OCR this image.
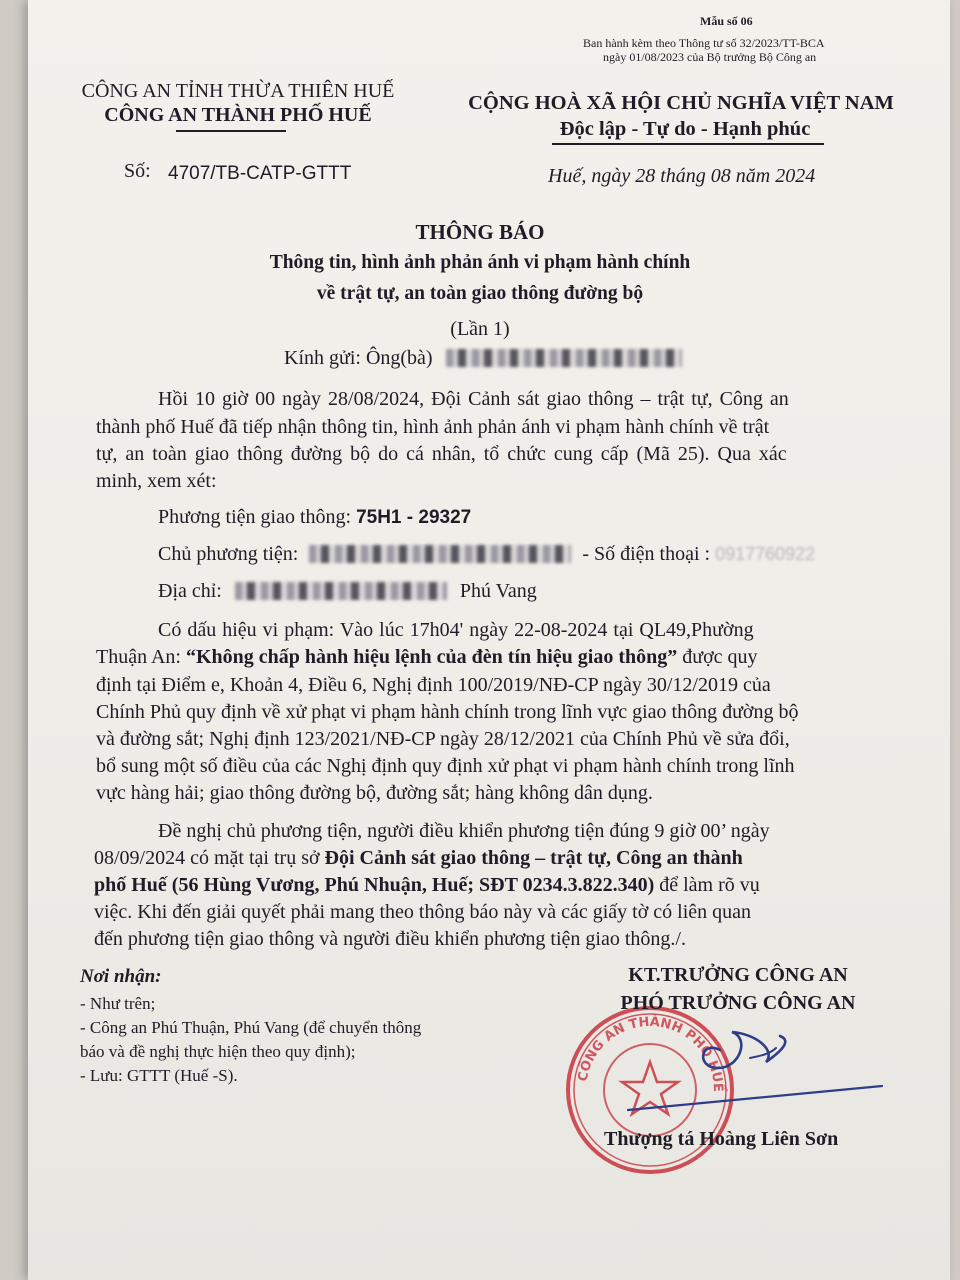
Mẫu số 06
Ban hành kèm theo Thông tư số 32/2023/TT-BCA
ngày 01/08/2023 của Bộ trưởng Bộ Công an
CÔNG AN TỈNH THỪA THIÊN HUẾ
CÔNG AN THÀNH PHỐ HUẾ
Số: 4707/TB-CATP-GTTT
CỘNG HOÀ XÃ HỘI CHỦ NGHĨA VIỆT NAM
Độc lập - Tự do - Hạnh phúc
Huế, ngày 28 tháng 08 năm 2024
THÔNG BÁO
Thông tin, hình ảnh phản ánh vi phạm hành chính
về trật tự, an toàn giao thông đường bộ
(Lần 1)
Kính gửi: Ông(bà)
Hồi 10 giờ 00 ngày 28/08/2024, Đội Cảnh sát giao thông – trật tự, Công an
thành phố Huế đã tiếp nhận thông tin, hình ảnh phản ánh vi phạm hành chính về trật
tự, an toàn giao thông đường bộ do cá nhân, tổ chức cung cấp (Mã 25). Qua xác
minh, xem xét:
Phương tiện giao thông: 75H1 - 29327
Chủ phương tiện:	- Số điện thoại : 0917760922
Địa chỉ:	Phú Vang
Có dấu hiệu vi phạm: Vào lúc 17h04' ngày 22-08-2024 tại QL49,Phường
Thuận An: “Không chấp hành hiệu lệnh của đèn tín hiệu giao thông” được quy
định tại Điểm e, Khoản 4, Điều 6, Nghị định 100/2019/NĐ-CP ngày 30/12/2019 của
Chính Phủ quy định về xử phạt vi phạm hành chính trong lĩnh vực giao thông đường bộ
và đường sắt; Nghị định 123/2021/NĐ-CP ngày 28/12/2021 của Chính Phủ về sửa đổi,
bổ sung một số điều của các Nghị định quy định xử phạt vi phạm hành chính trong lĩnh
vực hàng hải; giao thông đường bộ, đường sắt; hàng không dân dụng.
Đề nghị chủ phương tiện, người điều khiển phương tiện đúng 9 giờ 00’ ngày
08/09/2024 có mặt tại trụ sở Đội Cảnh sát giao thông – trật tự, Công an thành
phố Huế (56 Hùng Vương, Phú Nhuận, Huế; SĐT 0234.3.822.340) để làm rõ vụ
việc. Khi đến giải quyết phải mang theo thông báo này và các giấy tờ có liên quan
đến phương tiện giao thông và người điều khiển phương tiện giao thông./.
Nơi nhận:
- Như trên;
- Công an Phú Thuận, Phú Vang (để chuyển thông
báo và đề nghị thực hiện theo quy định);
- Lưu: GTTT (Huế -S).	CÔNG AN THÀNH PHỐ HUẾ
KT.TRƯỞNG CÔNG AN
PHÓ TRƯỞNG CÔNG AN
Thượng tá Hoàng Liên Sơn
